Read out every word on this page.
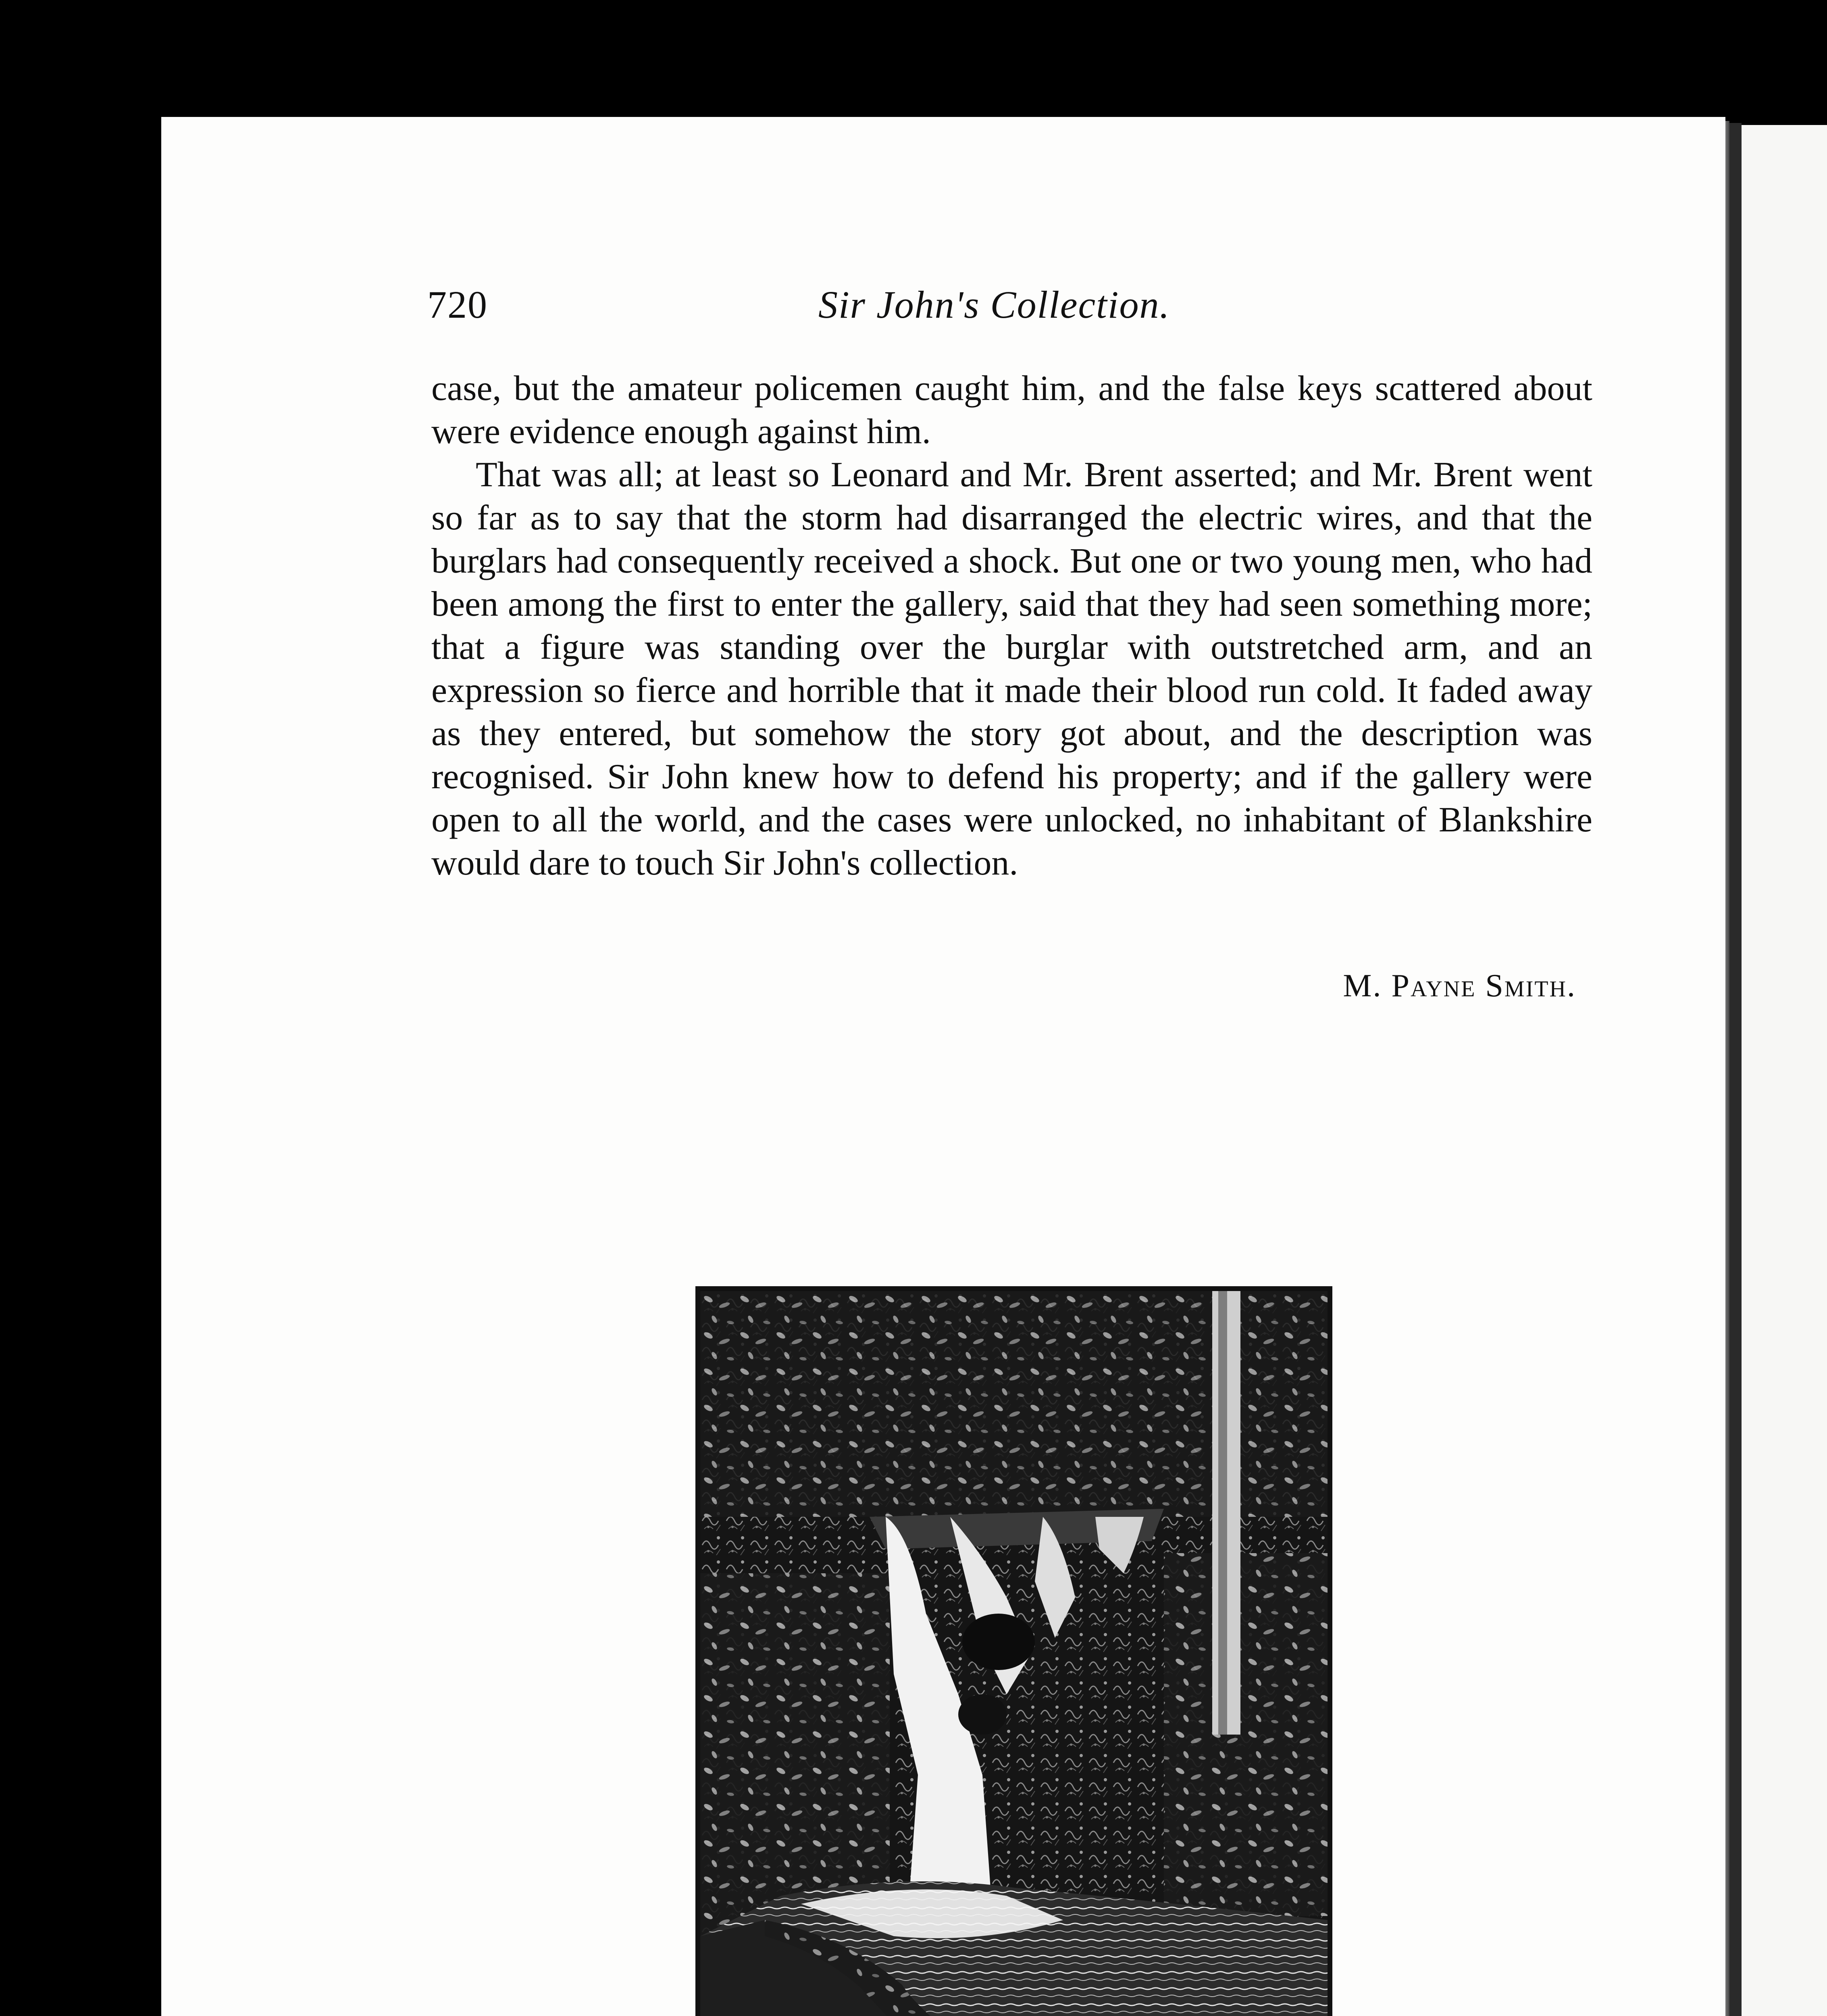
720	Sir John's Collection.

case, but the amateur policemen caught him, and the false keys scattered about were evidence enough against him.

That was all; at least so Leonard and Mr. Brent asserted; and Mr. Brent went so far as to say that the storm had disarranged the electric wires, and that the burglars had consequently received a shock. But one or two young men, who had been among the first to enter the gallery, said that they had seen something more; that a figure was standing over the burglar with outstretched arm, and an expression so fierce and horrible that it made their blood run cold. It faded away as they entered, but somehow the story got about, and the description was recognised. Sir John knew how to defend his property; and if the gallery were open to all the world, and the cases were unlocked, no inhabitant of Blankshire would dare to touch Sir John's collection.

M. Payne Smith.
